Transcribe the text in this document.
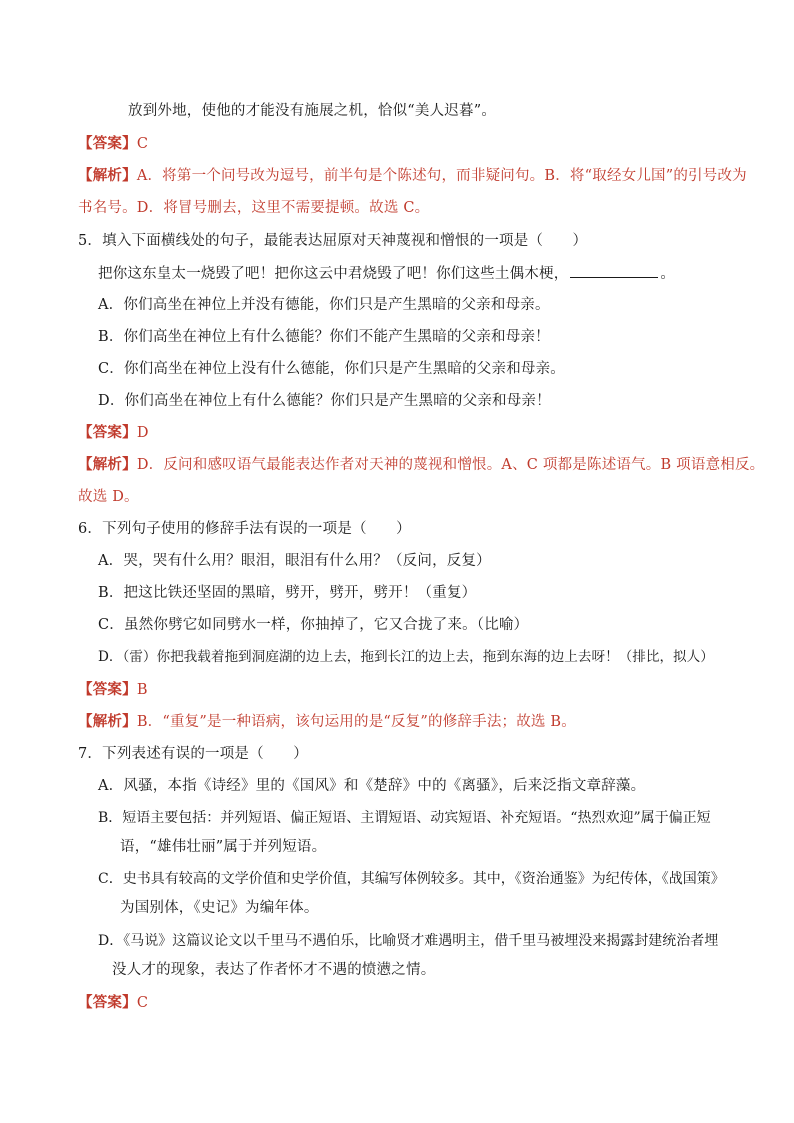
放到外地，使他的才能没有施展之机，恰似“美人迟暮”。
【答案】C
【解析】A．将第一个问号改为逗号，前半句是个陈述句，而非疑问句。B．将“取经女儿国”的引号改为
书名号。D．将冒号删去，这里不需要提顿。故选 C。
5．填入下面横线处的句子，最能表达屈原对天神蔑视和憎恨的一项是（　　）
把你这东皇太一烧毁了吧！把你这云中君烧毁了吧！你们这些土偶木梗，	。
A．你们高坐在神位上并没有德能，你们只是产生黑暗的父亲和母亲。
B．你们高坐在神位上有什么德能？你们不能产生黑暗的父亲和母亲！
C．你们高坐在神位上没有什么德能，你们只是产生黑暗的父亲和母亲。
D．你们高坐在神位上有什么德能？你们只是产生黑暗的父亲和母亲！
【答案】D
【解析】D．反问和感叹语气最能表达作者对天神的蔑视和憎恨。A、C 项都是陈述语气。B 项语意相反。
故选 D。
6．下列句子使用的修辞手法有误的一项是（　　）
A．哭，哭有什么用？眼泪，眼泪有什么用？（反问，反复）
B．把这比铁还坚固的黑暗，劈开，劈开，劈开！（重复）
C．虽然你劈它如同劈水一样，你抽掉了，它又合拢了来。（比喻）
D．（雷）你把我载着拖到洞庭湖的边上去，拖到长江的边上去，拖到东海的边上去呀！（排比，拟人）
【答案】B
【解析】B．“重复”是一种语病，该句运用的是“反复”的修辞手法；故选 B。
7．下列表述有误的一项是（　　）
A．风骚，本指《诗经》里的《国风》和《楚辞》中的《离骚》，后来泛指文章辞藻。
B．短语主要包括：并列短语、偏正短语、主谓短语、动宾短语、补充短语。“热烈欢迎”属于偏正短
语，“雄伟壮丽”属于并列短语。
C．史书具有较高的文学价值和史学价值，其编写体例较多。其中，《资治通鉴》为纪传体，《战国策》
为国别体，《史记》为编年体。
D．《马说》这篇议论文以千里马不遇伯乐，比喻贤才难遇明主，借千里马被埋没来揭露封建统治者埋
没人才的现象，表达了作者怀才不遇的愤懑之情。
【答案】C
